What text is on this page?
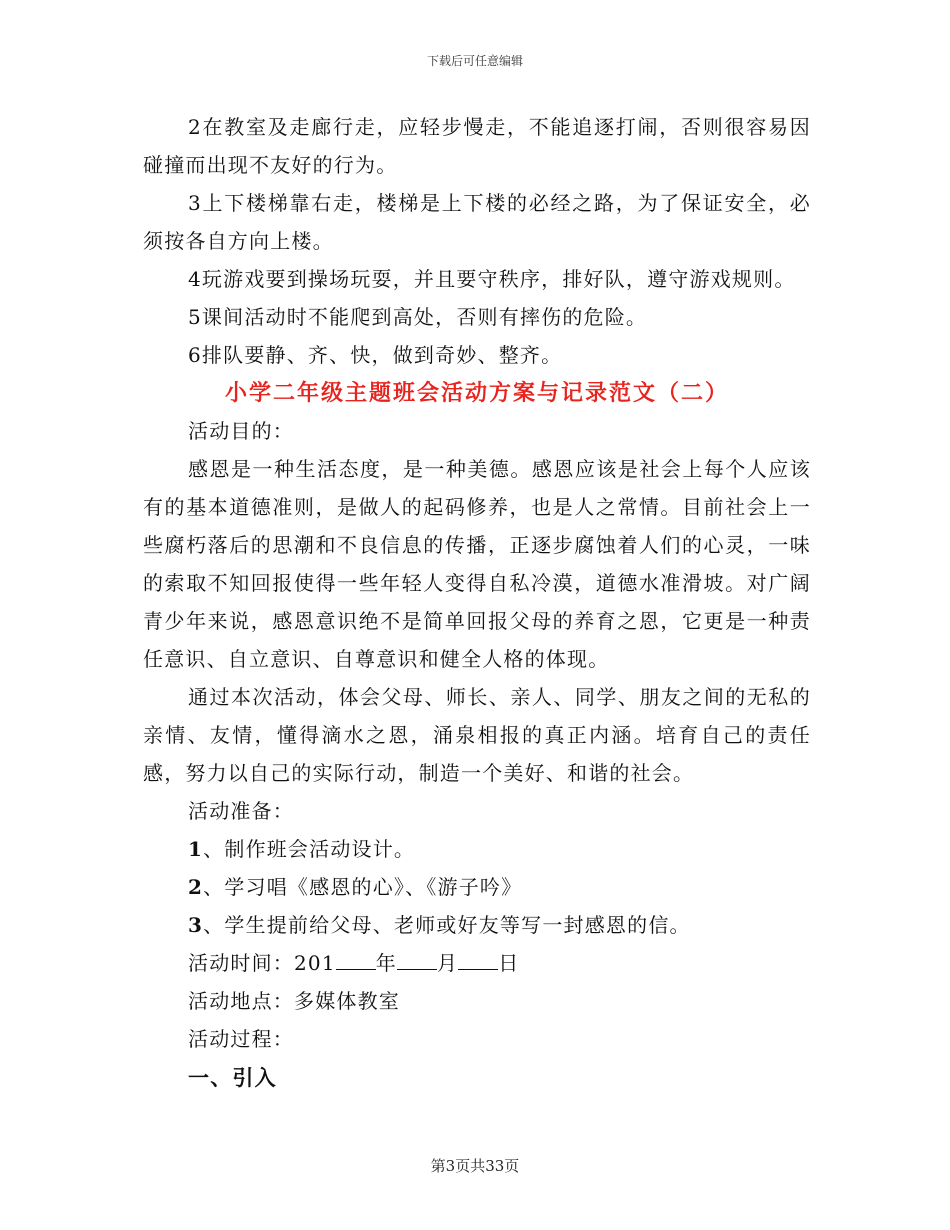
下载后可任意编辑

2在教室及走廊行走，应轻步慢走，不能追逐打闹，否则很容易因碰撞而出现不友好的行为。

3上下楼梯靠右走，楼梯是上下楼的必经之路，为了保证安全，必须按各自方向上楼。

4玩游戏要到操场玩耍，并且要守秩序，排好队，遵守游戏规则。

5课间活动时不能爬到高处，否则有摔伤的危险。

6排队要静、齐、快，做到奇妙、整齐。

小学二年级主题班会活动方案与记录范文（二）

活动目的：

感恩是一种生活态度，是一种美德。感恩应该是社会上每个人应该有的基本道德准则，是做人的起码修养，也是人之常情。目前社会上一些腐朽落后的思潮和不良信息的传播，正逐步腐蚀着人们的心灵，一味的索取不知回报使得一些年轻人变得自私冷漠，道德水准滑坡。对广阔青少年来说，感恩意识绝不是简单回报父母的养育之恩，它更是一种责任意识、自立意识、自尊意识和健全人格的体现。

通过本次活动，体会父母、师长、亲人、同学、朋友之间的无私的亲情、友情，懂得滴水之恩，涌泉相报的真正内涵。培育自己的责任感，努力以自己的实际行动，制造一个美好、和谐的社会。

活动准备：

1、制作班会活动设计。

2、学习唱《感恩的心》、《游子吟》

3、学生提前给父母、老师或好友等写一封感恩的信。

活动时间：201 年 月 日

活动地点：多媒体教室

活动过程：

一、引入

第3页共33页
